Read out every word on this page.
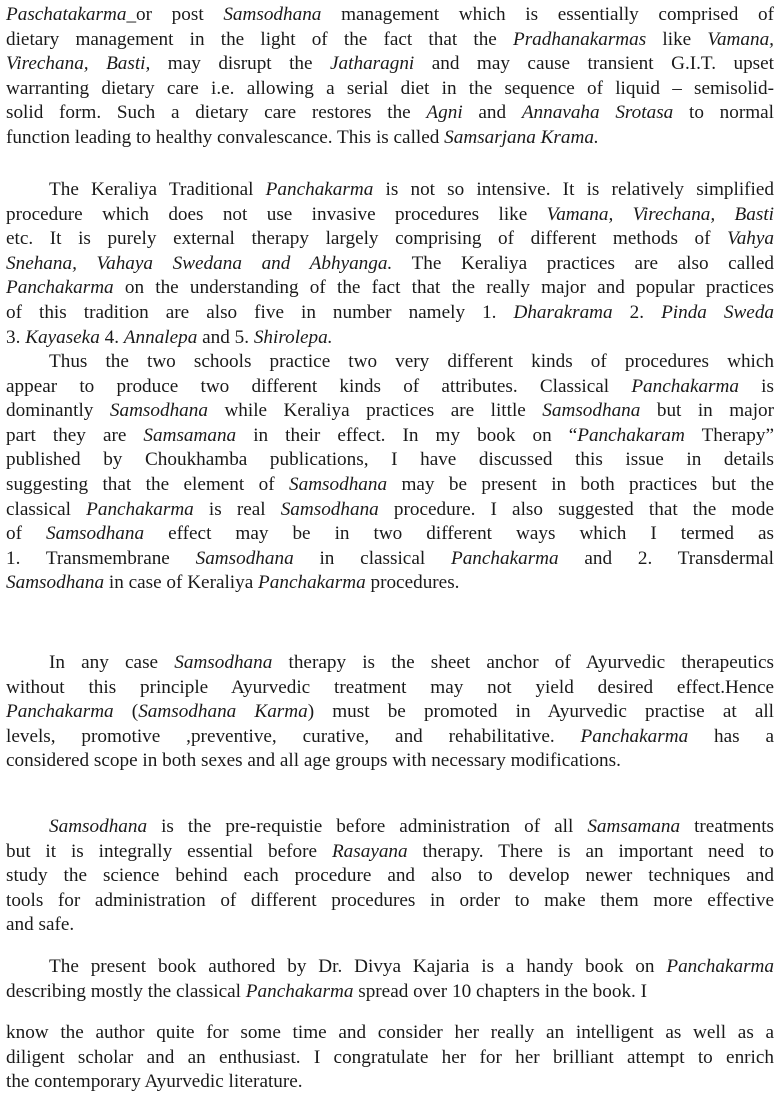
Paschatakarma_or post Samsodhana management which is essentially comprised of
dietary management in the light of the fact that the Pradhanakarmas like Vamana,
Virechana, Basti, may disrupt the Jatharagni and may cause transient G.I.T. upset
warranting dietary care i.e. allowing a serial diet in the sequence of liquid – semisolid-
solid form. Such a dietary care restores the Agni and Annavaha Srotasa to normal
function leading to healthy convalescance. This is called Samsarjana Krama.
The Keraliya Traditional Panchakarma is not so intensive. It is relatively simplified
procedure which does not use invasive procedures like Vamana, Virechana, Basti
etc. It is purely external therapy largely comprising of different methods of Vahya
Snehana, Vahaya Swedana and Abhyanga. The Keraliya practices are also called
Panchakarma on the understanding of the fact that the really major and popular practices
of this tradition are also five in number namely 1. Dharakrama 2. Pinda Sweda
3. Kayaseka 4. Annalepa and 5. Shirolepa.
Thus the two schools practice two very different kinds of procedures which
appear to produce two different kinds of attributes. Classical Panchakarma is
dominantly Samsodhana while Keraliya practices are little Samsodhana but in major
part they are Samsamana in their effect. In my book on “Panchakaram Therapy”
published by Choukhamba publications, I have discussed this issue in details
suggesting that the element of Samsodhana may be present in both practices but the
classical Panchakarma is real Samsodhana procedure. I also suggested that the mode
of Samsodhana effect may be in two different ways which I termed as
1. Transmembrane Samsodhana in classical Panchakarma and 2. Transdermal
Samsodhana in case of Keraliya Panchakarma procedures.
In any case Samsodhana therapy is the sheet anchor of Ayurvedic therapeutics
without this principle Ayurvedic treatment may not yield desired effect.Hence
Panchakarma (Samsodhana Karma) must be promoted in Ayurvedic practise at all
levels, promotive ,preventive, curative, and rehabilitative. Panchakarma has a
considered scope in both sexes and all age groups with necessary modifications.
Samsodhana is the pre-requistie before administration of all Samsamana treatments
but it is integrally essential before Rasayana therapy. There is an important need to
study the science behind each procedure and also to develop newer techniques and
tools for administration of different procedures in order to make them more effective
and safe.
The present book authored by Dr. Divya Kajaria is a handy book on Panchakarma
describing mostly the classical Panchakarma spread over 10 chapters in the book. I
know the author quite for some time and consider her really an intelligent as well as a
diligent scholar and an enthusiast. I congratulate her for her brilliant attempt to enrich
the contemporary Ayurvedic literature.
